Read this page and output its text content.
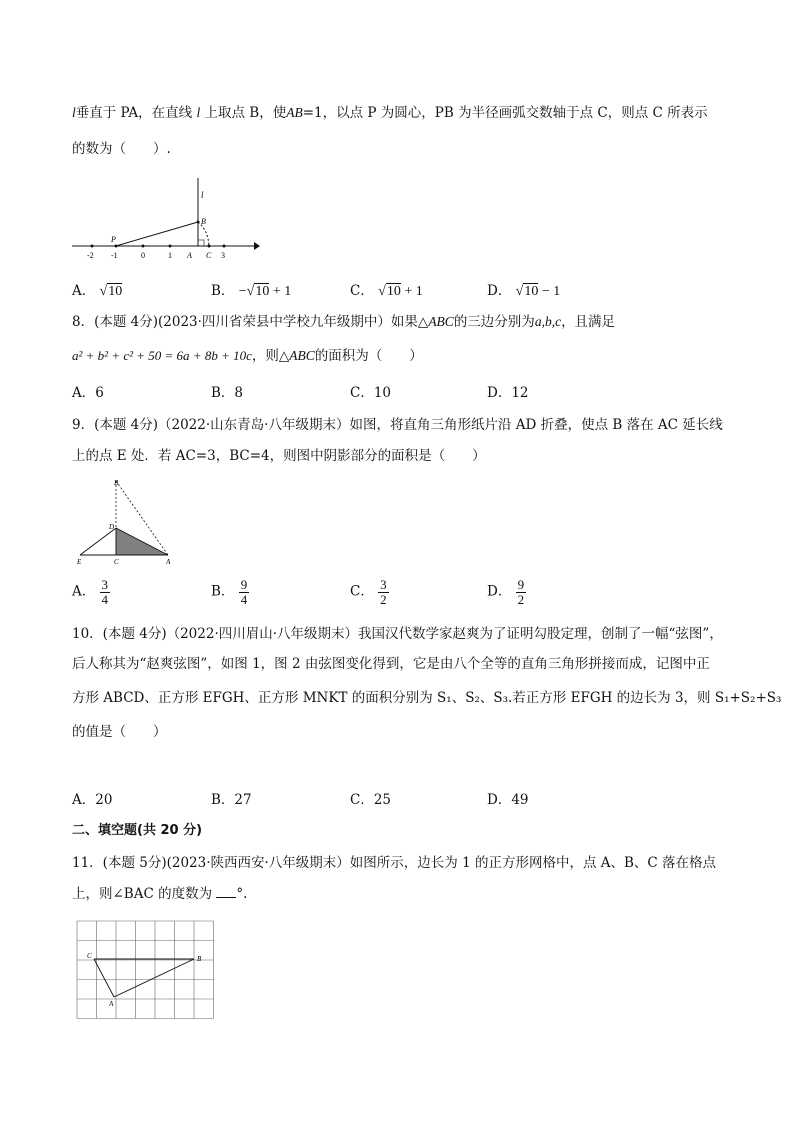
l垂直于 PA，在直线 l 上取点 B，使AB=1，以点 P 为圆心，PB 为半径画弧交数轴于点 C，则点 C 所表示
的数为（　　）.
l
B
P
A C
-2 -1	0	1	3
A． √10	B． −√10 + 1	C． √10 + 1	D． √10 − 1
8．(本题 4分)(2023·四川省荣县中学校九年级期中）如果△ABC的三边分别为a,b,c，且满足
a² + b² + c² + 50 = 6a + 8b + 10c，则△ABC的面积为（　　）
A．6	B．8	C．10	D．12
9．(本题 4分)（2022·山东青岛·八年级期末）如图，将直角三角形纸片沿 AD 折叠，使点 B 落在 AC 延长线
上的点 E 处．若 AC=3，BC=4，则图中阴影部分的面积是（　　）
B
D
E	C	A
A． $\frac{3}{4}$	B． $\frac{9}{4}$	C． $\frac{3}{2}$	D． $\frac{9}{2}$
10．(本题 4分)（2022·四川眉山·八年级期末）我国汉代数学家赵爽为了证明勾股定理，创制了一幅“弦图”，
后人称其为“赵爽弦图”，如图 1，图 2 由弦图变化得到，它是由八个全等的直角三角形拼接而成，记图中正
方形 ABCD、正方形 EFGH、正方形 MNKT 的面积分别为 S₁、S₂、S₃.若正方形 EFGH 的边长为 3，则 S₁+S₂+S₃
的值是（　　）
A．20	B．27	C．25	D．49
二、填空题(共 20 分)
11．(本题 5分)(2023·陕西西安·八年级期末）如图所示，边长为 1 的正方形网格中，点 A、B、C 落在格点
上，则∠BAC 的度数为 °.
C	B
A
